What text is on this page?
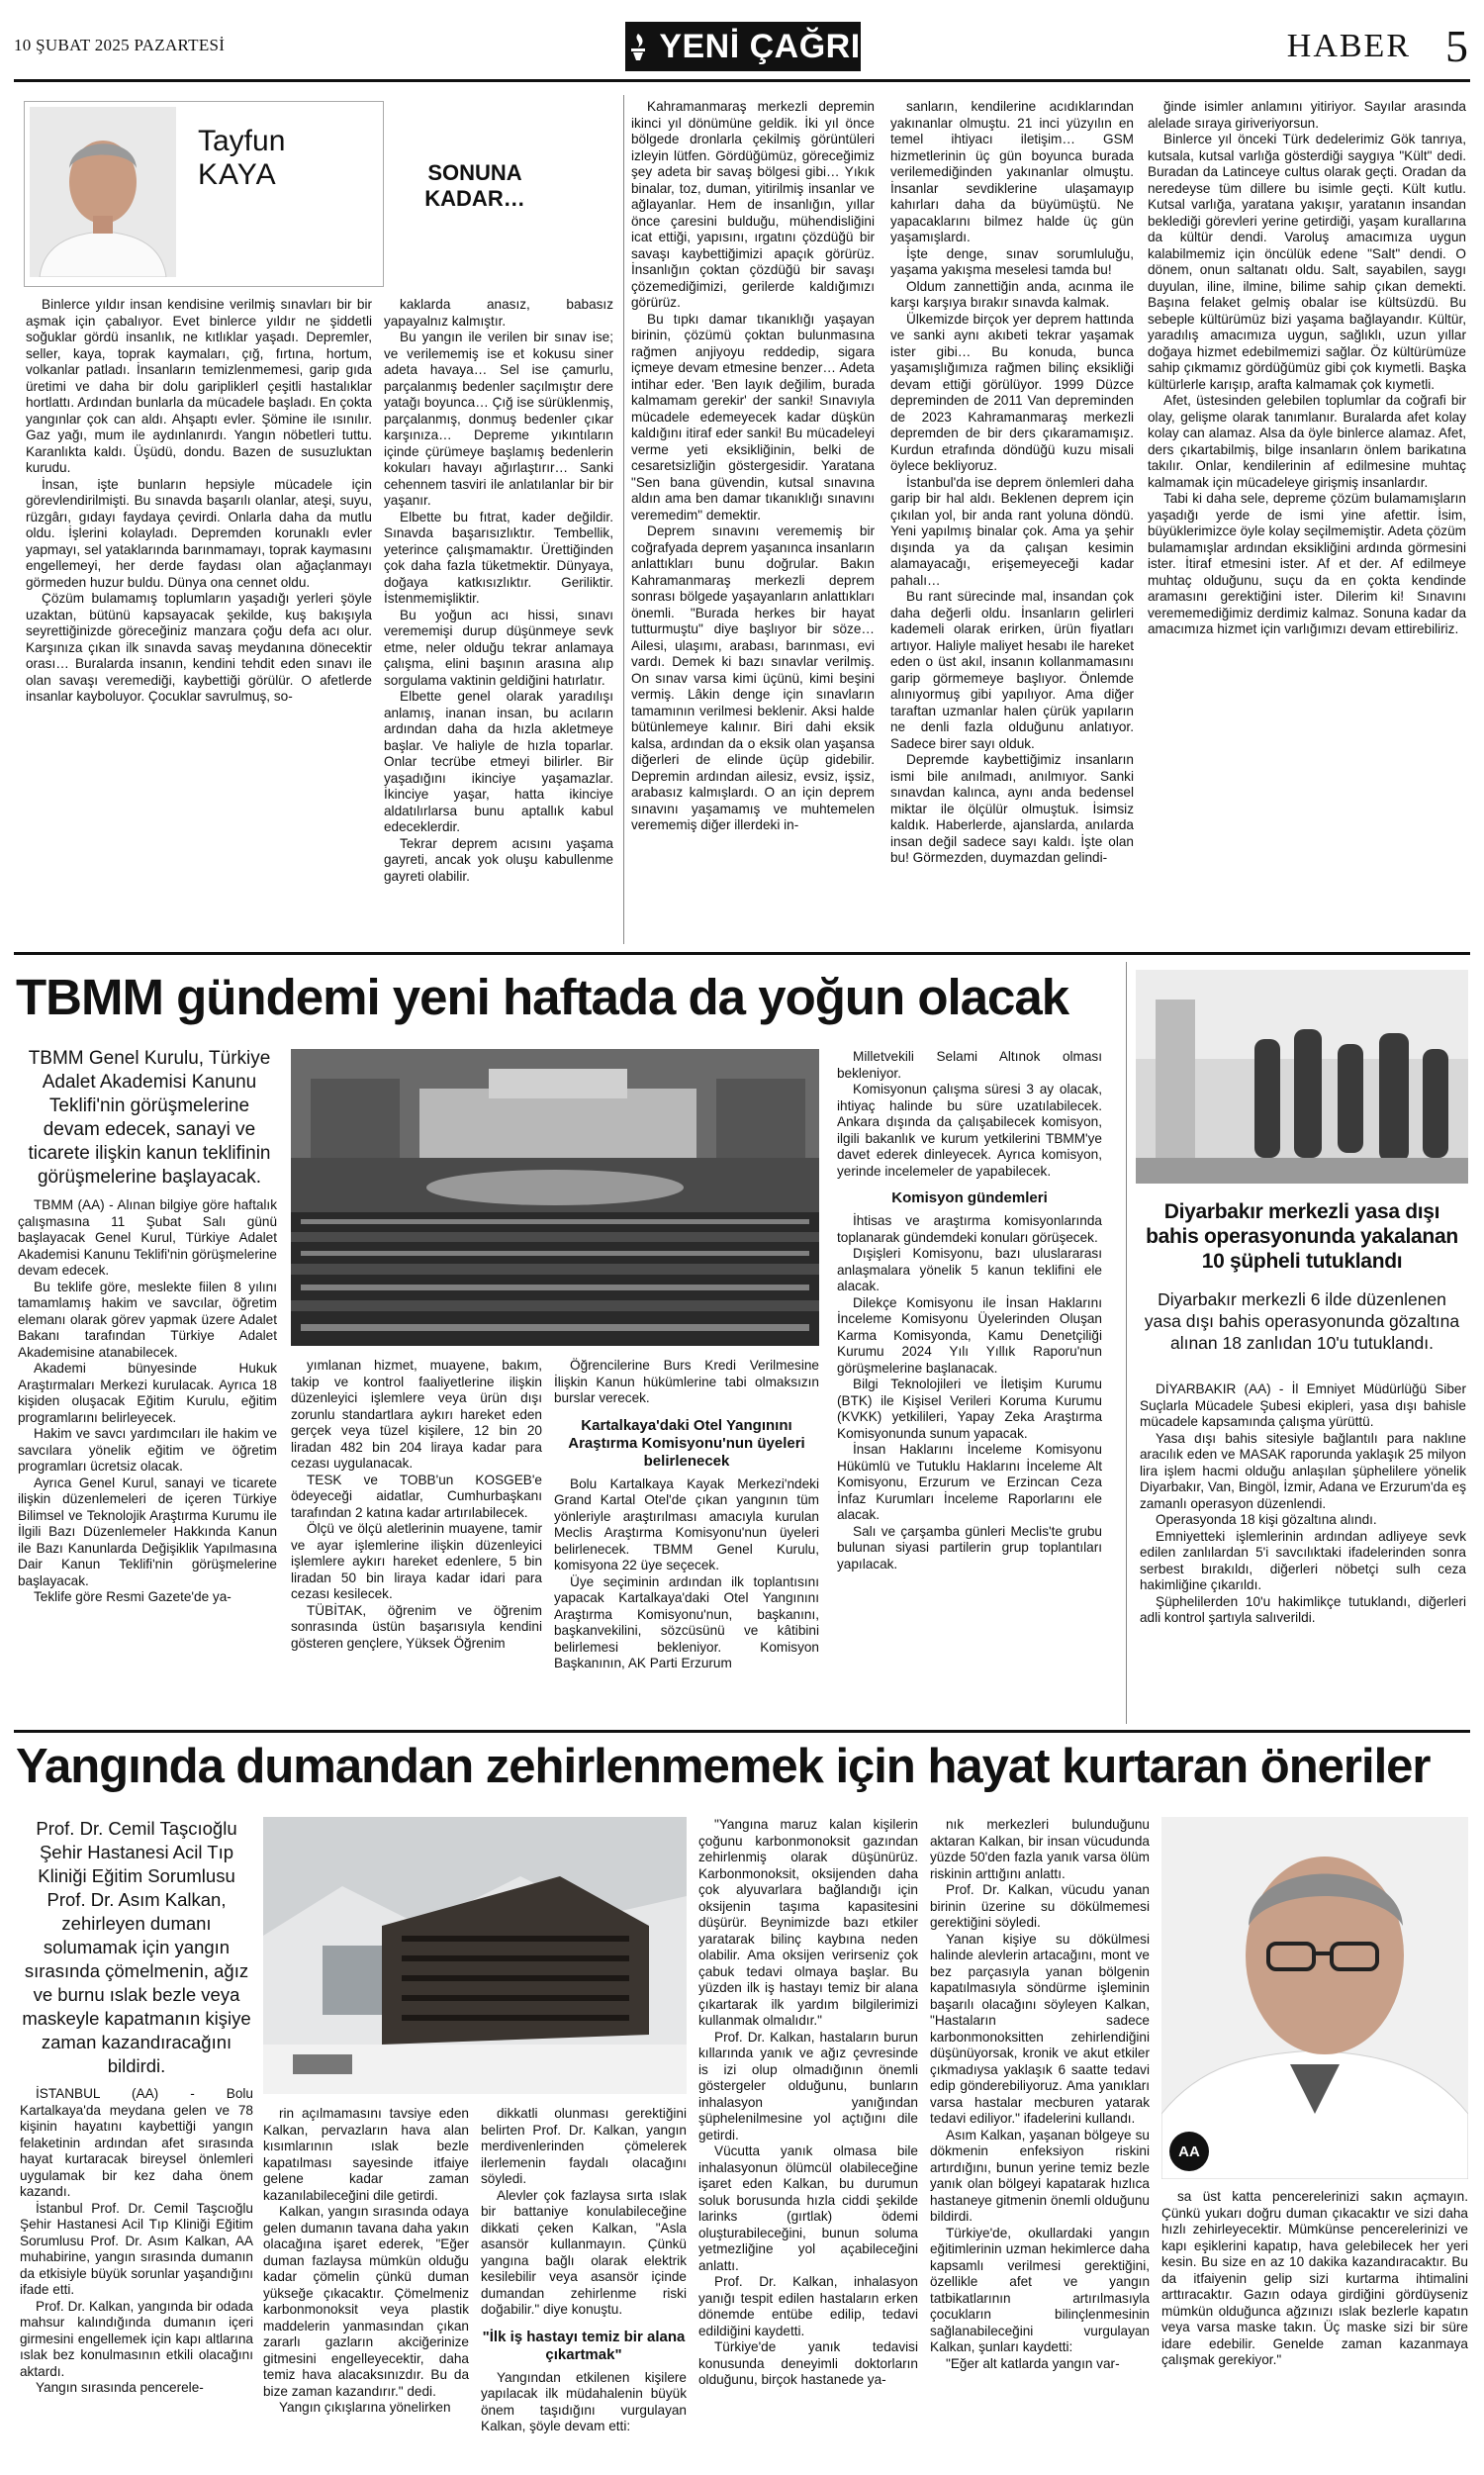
10 ŞUBAT 2025 PAZARTESİ	YENİ ÇAĞRI	HABER 5
Tayfun
KAYA	SONUNA KADAR…

Binlerce yıldır insan kendisine verilmiş sınavları bir bir aşmak için çabalıyor. Evet binlerce yıldır ne şiddetli soğuklar gördü insanlık, ne kıtlıklar yaşadı. Depremler, seller, kaya, toprak kaymaları, çığ, fırtına, hortum, volkanlar patladı. İnsanların temizlenmemesi, garip gıda üretimi ve daha bir dolu garipliklerl çeşitli hastalıklar hortlattı. Ardından bunlarla da mücadele başladı. En çokta yangınlar çok can aldı. Ahşaptı evler. Şömine ile ısınılır. Gaz yağı, mum ile aydınlanırdı. Yangın nöbetleri tuttu. Karanlıkta kaldı. Üşüdü, dondu. Bazen de susuzluktan kurudu.

İnsan, işte bunların hepsiyle mücadele için görevlendirilmişti. Bu sınavda başarılı olanlar, ateşi, suyu, rüzgârı, gıdayı faydaya çevirdi. Onlarla daha da mutlu oldu. İşlerini kolayladı. Depremden korunaklı evler yapmayı, sel yataklarında barınmamayı, toprak kaymasını engellemeyi, her derde faydası olan ağaçlanmayı görmeden huzur buldu. Dünya ona cennet oldu.

Çözüm bulamamış toplumların yaşadığı yerleri şöyle uzaktan, bütünü kapsayacak şekilde, kuş bakışıyla seyrettiğinizde göreceğiniz manzara çoğu defa acı olur. Karşınıza çıkan ilk sınavda savaş meydanına dönecektir orası… Buralarda insanın, kendini tehdit eden sınavı ile olan savaşı veremediği, kaybettiği görülür. O afetlerde insanlar kayboluyor. Çocuklar savrulmuş, so-

kaklarda anasız, babasız yapayalnız kalmıştır.

Bu yangın ile verilen bir sınav ise; ve verilememiş ise et kokusu siner adeta havaya… Sel ise çamurlu, parçalanmış bedenler saçılmıştır dere yatağı boyunca… Çığ ise sürüklenmiş, parçalanmış, donmuş bedenler çıkar karşınıza… Depreme yıkıntıların içinde çürümeye başlamış bedenlerin kokuları havayı ağırlaştırır… Sanki cehennem tasviri ile anlatılanlar bir bir yaşanır.

Elbette bu fıtrat, kader değildir. Sınavda başarısızlıktır. Tembellik, yeterince çalışmamaktır. Ürettiğinden çok daha fazla tüketmektir. Dünyaya, doğaya katkısızlıktır. Geriliktir. İstenmemişliktir.

Bu yoğun acı hissi, sınavı verememişi durup düşünmeye sevk etme, neler olduğu tekrar anlamaya çalışma, elini başının arasına alıp sorgulama vaktinin geldiğini hatırlatır.

Elbette genel olarak yaradılışı anlamış, inanan insan, bu acıların ardından daha da hızla akletmeye başlar. Ve haliyle de hızla toparlar. Onlar tecrübe etmeyi bilirler. Bir yaşadığını ikinciye yaşamazlar. İkinciye yaşar, hatta ikinciye aldatılırlarsa bunu aptallık kabul edeceklerdir.

Tekrar deprem acısını yaşama gayreti, ancak yok oluşu kabullenme gayreti olabilir.

Kahramanmaraş merkezli depremin ikinci yıl dönümüne geldik. İki yıl önce bölgede dronlarla çekilmiş görüntüleri izleyin lütfen. Gördüğümüz, göreceğimiz şey adeta bir savaş bölgesi gibi… Yıkık binalar, toz, duman, yitirilmiş insanlar ve ağlayanlar. Hem de insanlığın, yıllar önce çaresini bulduğu, mühendisliğini icat ettiği, yapısını, ırgatını çözdüğü bir savaşı kaybettiğimizi apaçık görürüz. İnsanlığın çoktan çözdüğü bir savaşı çözemediğimizi, gerilerde kaldığımızı görürüz.

Bu tıpkı damar tıkanıklığı yaşayan birinin, çözümü çoktan bulunmasına rağmen anjiyoyu reddedip, sigara içmeye devam etmesine benzer… Adeta intihar eder. 'Ben layık değilim, burada kalmamam gerekir' der sanki! Sınavıyla mücadele edemeyecek kadar düşkün kaldığını itiraf eder sanki! Bu mücadeleyi verme yeti eksikliğinin, belki de cesaretsizliğin göstergesidir. Yaratana "Sen bana güvendin, kutsal sınavına aldın ama ben damar tıkanıklığı sınavını veremedim" demektir.

Deprem sınavını verememiş bir coğrafyada deprem yaşanınca insanların anlattıkları bunu doğrular. Bakın Kahramanmaraş merkezli deprem sonrası bölgede yaşayanların anlattıkları önemli. "Burada herkes bir hayat tutturmuştu" diye başlıyor bir söze… Ailesi, ulaşımı, arabası, barınması, evi vardı. Demek ki bazı sınavlar verilmiş. On sınav varsa kimi üçünü, kimi beşini vermiş. Lâkin denge için sınavların tamamının verilmesi beklenir. Aksi halde bütünlemeye kalınır. Biri dahi eksik kalsa, ardından da o eksik olan yaşansa diğerleri de elinde üçüp gidebilir. Depremin ardından ailesiz, evsiz, işsiz, arabasız kalmışlardı. O an için deprem sınavını yaşamamış ve muhtemelen verememiş diğer illerdeki in-

sanların, kendilerine acıdıklarından yakınanlar olmuştu. 21 inci yüzyılın en temel ihtiyacı iletişim… GSM hizmetlerinin üç gün boyunca burada verilemediğinden yakınanlar olmuştu. İnsanlar sevdiklerine ulaşamayıp kahırları daha da büyümüştü. Ne yapacaklarını bilmez halde üç gün yaşamışlardı.

İşte denge, sınav sorumluluğu, yaşama yakışma meselesi tamda bu!

Oldum zannettiğin anda, acınma ile karşı karşıya bırakır sınavda kalmak.

Ülkemizde birçok yer deprem hattında ve sanki aynı akıbeti tekrar yaşamak ister gibi… Bu konuda, bunca yaşamışlığımıza rağmen bilinç eksikliği devam ettiği görülüyor. 1999 Düzce depreminden de 2011 Van depreminden de 2023 Kahramanmaraş merkezli depremden de bir ders çıkaramamışız. Kurdun etrafında döndüğü kuzu misali öylece bekliyoruz.

İstanbul'da ise deprem önlemleri daha garip bir hal aldı. Beklenen deprem için çıkılan yol, bir anda rant yoluna döndü. Yeni yapılmış binalar çok. Ama ya şehir dışında ya da çalışan kesimin alamayacağı, erişemeyeceği kadar pahalı…

Bu rant sürecinde mal, insandan çok daha değerli oldu. İnsanların gelirleri kademeli olarak erirken, ürün fiyatları artıyor. Haliyle maliyet hesabı ile hareket eden o üst akıl, insanın kollanmamasını garip görmemeye başlıyor. Önlemde alınıyormuş gibi yapılıyor. Ama diğer taraftan uzmanlar halen çürük yapıların ne denli fazla olduğunu anlatıyor. Sadece birer sayı olduk.

Depremde kaybettiğimiz insanların ismi bile anılmadı, anılmıyor. Sanki sınavdan kalınca, aynı anda bedensel miktar ile ölçülür olmuştuk. İsimsiz kaldık. Haberlerde, ajanslarda, anılarda insan değil sadece sayı kaldı. İşte olan bu! Görmezden, duymazdan gelindi-

ğinde isimler anlamını yitiriyor. Sayılar arasında alelade sıraya giriveriyorsun.

Binlerce yıl önceki Türk dedelerimiz Gök tanrıya, kutsala, kutsal varlığa gösterdiği saygıya "Kült" dedi. Buradan da Latinceye cultus olarak geçti. Oradan da neredeyse tüm dillere bu isimle geçti. Kült kutlu. Kutsal varlığa, yaratana yakışır, yaratanın insandan beklediği görevleri yerine getirdiği, yaşam kurallarına da kültür dendi. Varoluş amacımıza uygun kalabilmemiz için öncülük edene "Salt" dendi. O dönem, onun saltanatı oldu. Salt, sayabilen, saygı duyulan, iline, ilmine, bilime sahip çıkan demekti. Başına felaket gelmiş obalar ise kültsüzdü. Bu sebeple kültürümüz bizi yaşama bağlayandır. Kültür, yaradılış amacımıza uygun, sağlıklı, uzun yıllar doğaya hizmet edebilmemizi sağlar. Öz kültürümüze sahip çıkmamız gördüğümüz gibi çok kıymetli. Başka kültürlerle karışıp, arafta kalmamak çok kıymetli.

Afet, üstesinden gelebilen toplumlar da coğrafi bir olay, gelişme olarak tanımlanır. Buralarda afet kolay kolay can alamaz. Alsa da öyle binlerce alamaz. Afet, ders çıkartabilmiş, bilge insanların önlem barikatına takılır. Onlar, kendilerinin af edilmesine muhtaç kalmamak için mücadeleye girişmiş insanlardır.

Tabi ki daha sele, depreme çözüm bulamamışların yaşadığı yerde de ismi yine afettir. İsim, büyüklerimizce öyle kolay seçilmemiştir. Adeta çözüm bulamamışlar ardından eksikliğini ardında görmesini ister. İtiraf etmesini ister. Af et der. Af edilmeye muhtaç olduğunu, suçu da en çokta kendinde aramasını gerektiğini ister. Dilerim ki! Sınavını verememediğimiz derdimiz kalmaz. Sonuna kadar da amacımıza hizmet için varlığımızı devam ettirebiliriz.

TBMM gündemi yeni haftada da yoğun olacak
TBMM Genel Kurulu, Türkiye Adalet Akademisi Kanunu Teklifi'nin görüşmelerine devam edecek, sanayi ve ticarete ilişkin kanun teklifinin görüşmelerine başlayacak.

TBMM (AA) - Alınan bilgiye göre haftalık çalışmasına 11 Şubat Salı günü başlayacak Genel Kurul, Türkiye Adalet Akademisi Kanunu Teklifi'nin görüşmelerine devam edecek.

Bu teklife göre, meslekte fiilen 8 yılını tamamlamış hakim ve savcılar, öğretim elemanı olarak görev yapmak üzere Adalet Bakanı tarafından Türkiye Adalet Akademisine atanabilecek.

Akademi bünyesinde Hukuk Araştırmaları Merkezi kurulacak. Ayrıca 18 kişiden oluşacak Eğitim Kurulu, eğitim programlarını belirleyecek.

Hakim ve savcı yardımcıları ile hakim ve savcılara yönelik eğitim ve öğretim programları ücretsiz olacak.

Ayrıca Genel Kurul, sanayi ve ticarete ilişkin düzenlemeleri de içeren Türkiye Bilimsel ve Teknolojik Araştırma Kurumu ile İlgili Bazı Düzenlemeler Hakkında Kanun ile Bazı Kanunlarda Değişiklik Yapılmasına Dair Kanun Teklifi'nin görüşmelerine başlayacak.

Teklife göre Resmi Gazete'de ya-

yımlanan hizmet, muayene, bakım, takip ve kontrol faaliyetlerine ilişkin düzenleyici işlemlere veya ürün dışı zorunlu standartlara aykırı hareket eden gerçek veya tüzel kişilere, 12 bin 20 liradan 482 bin 204 liraya kadar para cezası uygulanacak.

TESK ve TOBB'un KOSGEB'e ödeyeceği aidatlar, Cumhurbaşkanı tarafından 2 katına kadar artırılabilecek.

Ölçü ve ölçü aletlerinin muayene, tamir ve ayar işlemlerine ilişkin düzenleyici işlemlere aykırı hareket edenlere, 5 bin liradan 50 bin liraya kadar idari para cezası kesilecek.

TÜBİTAK, öğrenim ve öğrenim sonrasında üstün başarısıyla kendini gösteren gençlere, Yüksek Öğrenim

Öğrencilerine Burs Kredi Verilmesine İlişkin Kanun hükümlerine tabi olmaksızın burslar verecek.

Kartalkaya'daki Otel Yangınını Araştırma Komisyonu'nun üyeleri belirlenecek

Bolu Kartalkaya Kayak Merkezi'ndeki Grand Kartal Otel'de çıkan yangının tüm yönleriyle araştırılması amacıyla kurulan Meclis Araştırma Komisyonu'nun üyeleri belirlenecek. TBMM Genel Kurulu, komisyona 22 üye seçecek.

Üye seçiminin ardından ilk toplantısını yapacak Kartalkaya'daki Otel Yangınını Araştırma Komisyonu'nun, başkanını, başkanvekilini, sözcüsünü ve kâtibini belirlemesi bekleniyor. Komisyon Başkanının, AK Parti Erzurum

Milletvekili Selami Altınok olması bekleniyor.

Komisyonun çalışma süresi 3 ay olacak, ihtiyaç halinde bu süre uzatılabilecek. Ankara dışında da çalışabilecek komisyon, ilgili bakanlık ve kurum yetkilerini TBMM'ye davet ederek dinleyecek. Ayrıca komisyon, yerinde incelemeler de yapabilecek.

Komisyon gündemleri

İhtisas ve araştırma komisyonlarında toplanarak gündemdeki konuları görüşecek.

Dışişleri Komisyonu, bazı uluslararası anlaşmalara yönelik 5 kanun teklifini ele alacak.

Dilekçe Komisyonu ile İnsan Haklarını İnceleme Komisyonu Üyelerinden Oluşan Karma Komisyonda, Kamu Denetçiliği Kurumu 2024 Yılı Yıllık Raporu'nun görüşmelerine başlanacak.

Bilgi Teknolojileri ve İletişim Kurumu (BTK) ile Kişisel Verileri Koruma Kurumu (KVKK) yetkilileri, Yapay Zeka Araştırma Komisyonunda sunum yapacak.

İnsan Haklarını İnceleme Komisyonu Hükümlü ve Tutuklu Haklarını İnceleme Alt Komisyonu, Erzurum ve Erzincan Ceza İnfaz Kurumları İnceleme Raporlarını ele alacak.

Salı ve çarşamba günleri Meclis'te grubu bulunan siyasi partilerin grup toplantıları yapılacak.

Diyarbakır merkezli yasa dışı bahis operasyonunda yakalanan 10 şüpheli tutuklandı
Diyarbakır merkezli 6 ilde düzenlenen yasa dışı bahis operasyonunda gözaltına alınan 18 zanlıdan 10'u tutuklandı.

DİYARBAKIR (AA) - İl Emniyet Müdürlüğü Siber Suçlarla Mücadele Şubesi ekipleri, yasa dışı bahisle mücadele kapsamında çalışma yürüttü.

Yasa dışı bahis sitesiyle bağlantılı para naklıne aracılık eden ve MASAK raporunda yaklaşık 25 milyon lira işlem hacmi olduğu anlaşılan şüphelilere yönelik Diyarbakır, Van, Bingöl, İzmir, Adana ve Erzurum'da eş zamanlı operasyon düzenlendi.

Operasyonda 18 kişi gözaltına alındı.

Emniyetteki işlemlerinin ardından adliyeye sevk edilen zanlılardan 5'i savcılıktaki ifadelerinden sonra serbest bırakıldı, diğerleri nöbetçi sulh ceza hakimliğine çıkarıldı.

Şüphelilerden 10'u hakimlikçe tutuklandı, diğerleri adli kontrol şartıyla salıverildi.

Yangında dumandan zehirlenmemek için hayat kurtaran öneriler
Prof. Dr. Cemil Taşcıoğlu Şehir Hastanesi Acil Tıp Kliniği Eğitim Sorumlusu Prof. Dr. Asım Kalkan, zehirleyen dumanı solumamak için yangın sırasında çömelmenin, ağız ve burnu ıslak bezle veya maskeyle kapatmanın kişiye zaman kazandıracağını bildirdi.

İSTANBUL (AA) - Bolu Kartalkaya'da meydana gelen ve 78 kişinin hayatını kaybettiği yangın felaketinin ardından afet sırasında hayat kurtaracak bireysel önlemleri uygulamak bir kez daha önem kazandı.

İstanbul Prof. Dr. Cemil Taşcıoğlu Şehir Hastanesi Acil Tıp Kliniği Eğitim Sorumlusu Prof. Dr. Asım Kalkan, AA muhabirine, yangın sırasında dumanın da etkisiyle büyük sorunlar yaşandığını ifade etti.

Prof. Dr. Kalkan, yangında bir odada mahsur kalındığında dumanın içeri girmesini engellemek için kapı altlarına ıslak bez konulmasının etkili olacağını aktardı.

Yangın sırasında pencerele-

rin açılmamasını tavsiye eden Kalkan, pervazların hava alan kısımlarının ıslak bezle kapatılması sayesinde itfaiye gelene kadar zaman kazanılabileceğini dile getirdi.

Kalkan, yangın sırasında odaya gelen dumanın tavana daha yakın olacağına işaret ederek, "Eğer duman fazlaysa mümkün olduğu kadar çömelin çünkü duman yükseğe çıkacaktır. Çömelmeniz karbonmonoksit veya plastik maddelerin yanmasından çıkan zararlı gazların akciğerinize gitmesini engelleyecektir, daha temiz hava alacaksınızdır. Bu da bize zaman kazandırır." dedi.

Yangın çıkışlarına yönelirken

dikkatli olunması gerektiğini belirten Prof. Dr. Kalkan, yangın merdivenlerinden çömelerek ilerlemenin faydalı olacağını söyledi.

Alevler çok fazlaysa sırta ıslak bir battaniye konulabileceğine dikkati çeken Kalkan, "Asla asansör kullanmayın. Çünkü yangına bağlı olarak elektrik kesilebilir veya asansör içinde dumandan zehirlenme riski doğabilir." diye konuştu.

"İlk iş hastayı temiz bir alana çıkartmak"

Yangından etkilenen kişilere yapılacak ilk müdahalenin büyük önem taşıdığını vurgulayan Kalkan, şöyle devam etti:

"Yangına maruz kalan kişilerin çoğunu karbonmonoksit gazından zehirlenmiş olarak düşünürüz. Karbonmonoksit, oksijenden daha çok alyuvarlara bağlandığı için oksijenin taşıma kapasitesini düşürür. Beynimizde bazı etkiler yaratarak bilinç kaybına neden olabilir. Ama oksijen verirseniz çok çabuk tedavi olmaya başlar. Bu yüzden ilk iş hastayı temiz bir alana çıkartarak ilk yardım bilgilerimizi kullanmak olmalıdır."

Prof. Dr. Kalkan, hastaların burun kıllarında yanık ve ağız çevresinde is izi olup olmadığının önemli göstergeler olduğunu, bunların inhalasyon yanığından şüphelenilmesine yol açtığını dile getirdi.

Vücutta yanık olmasa bile inhalasyonun ölümcül olabileceğine işaret eden Kalkan, bu durumun soluk borusunda hızla ciddi şekilde larinks (gırtlak) ödemi oluşturabileceğini, bunun soluma yetmezliğine yol açabileceğini anlattı.

Prof. Dr. Kalkan, inhalasyon yanığı tespit edilen hastaların erken dönemde entübe edilip, tedavi edildiğini kaydetti.

Türkiye'de yanık tedavisi konusunda deneyimli doktorların olduğunu, birçok hastanede ya-

nık merkezleri bulunduğunu aktaran Kalkan, bir insan vücudunda yüzde 50'den fazla yanık varsa ölüm riskinin arttığını anlattı.

Prof. Dr. Kalkan, vücudu yanan birinin üzerine su dökülmemesi gerektiğini söyledi.

Yanan kişiye su dökülmesi halinde alevlerin artacağını, mont ve bez parçasıyla yanan bölgenin kapatılmasıyla söndürme işleminin başarılı olacağını söyleyen Kalkan, "Hastaların sadece karbonmonoksitten zehirlendiğini düşünüyorsak, kronik ve akut etkiler çıkmadıysa yaklaşık 6 saatte tedavi edip gönderebiliyoruz. Ama yanıkları varsa hastalar mecburen yatarak tedavi ediliyor." ifadelerini kullandı.

Asım Kalkan, yaşanan bölgeye su dökmenin enfeksiyon riskini artırdığını, bunun yerine temiz bezle yanık olan bölgeyi kapatarak hızlıca hastaneye gitmenin önemli olduğunu bildirdi.

Türkiye'de, okullardaki yangın eğitimlerinin uzman hekimlerce daha kapsamlı verilmesi gerektiğini, özellikle afet ve yangın tatbikatlarının artırılmasıyla çocukların bilinçlenmesinin sağlanabileceğini vurgulayan Kalkan, şunları kaydetti:

"Eğer alt katlarda yangın var-

AA

sa üst katta pencerelerinizi sakın açmayın. Çünkü yukarı doğru duman çıkacaktır ve sizi daha hızlı zehirleyecektir. Mümkünse pencerelerinizi ve kapı eşiklerini kapatıp, hava gelebilecek her yeri kesin. Bu size en az 10 dakika kazandıracaktır. Bu da itfaiyenin gelip sizi kurtarma ihtimalini arttıracaktır. Gazın odaya girdiğini gördüyseniz mümkün olduğunca ağzınızı ıslak bezlerle kapatın veya varsa maske takın. Üç maske sizi bir süre idare edebilir. Genelde zaman kazanmaya çalışmak gerekiyor."
